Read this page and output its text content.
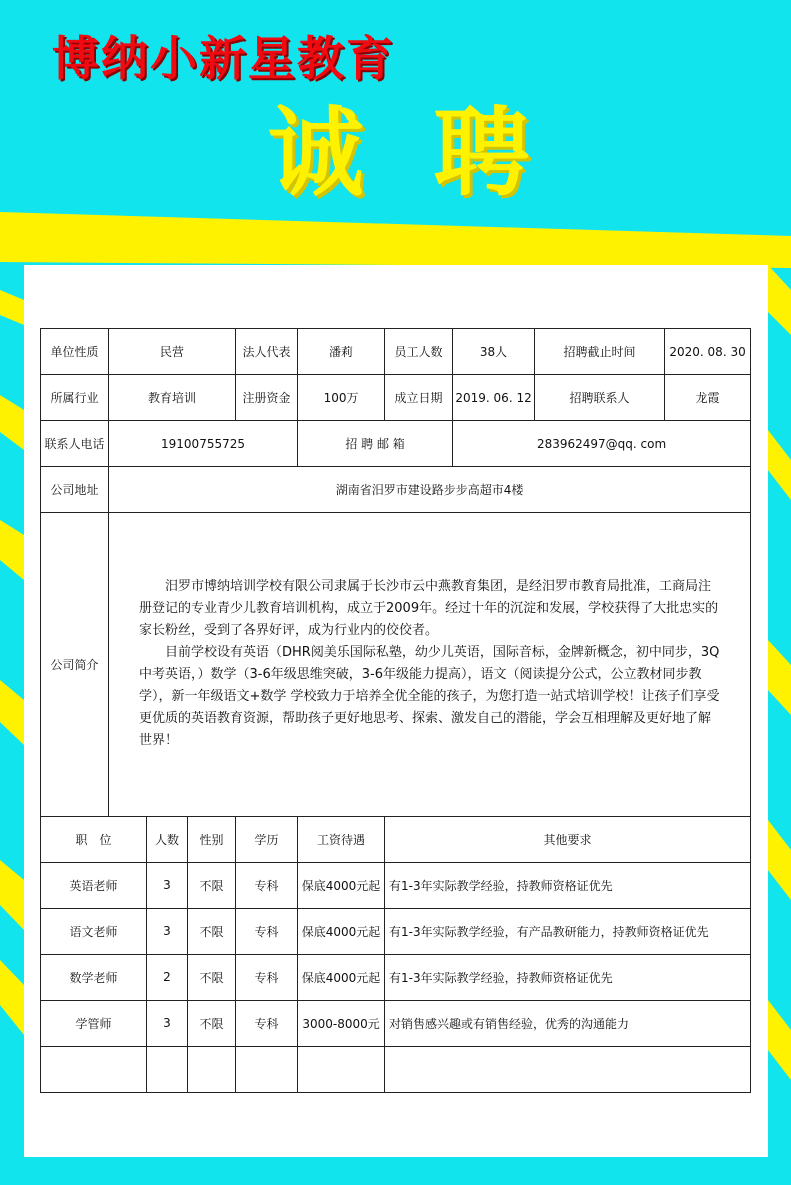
博纳小新星教育
诚 聘
单位性质	民营			法人代表	潘莉	员工人数	38人	招聘截止时间	2020. 08. 30
所属行业	教育培训			注册资金	100万	成立日期	2019. 06. 12	招聘联系人	龙霞
联系人电话	19100755725				招 聘 邮 箱		283962497@qq. com		
公司地址	湖南省汨罗市建设路步步高超市4楼								
公司简介	汨罗市博纳培训学校有限公司隶属于长沙市云中燕教育集团，是经汨罗市教育局批准，工商局注册登记的专业青少儿教育培训机构，成立于2009年。经过十年的沉淀和发展，学校获得了大批忠实的家长粉丝，受到了各界好评，成为行业内的佼佼者。

目前学校设有英语（DHR阅美乐国际私塾，幼少儿英语，国际音标，金牌新概念，初中同步，3Q中考英语，）数学（3-6年级思维突破，3-6年级能力提高），语文（阅读提分公式，公立教材同步教学），新一年级语文+数学 学校致力于培养全优全能的孩子，为您打造一站式培训学校！让孩子们享受更优质的英语教育资源，帮助孩子更好地思考、探索、激发自己的潜能，学会互相理解及更好地了解世界！								

职　位		人数	性别	学历	工资待遇	其他要求			
英语老师		3	不限	专科	保底4000元起	有1-3年实际教学经验，持教师资格证优先			
语文老师		3	不限	专科	保底4000元起	有1-3年实际教学经验，有产品教研能力，持教师资格证优先			
数学老师		2	不限	专科	保底4000元起	有1-3年实际教学经验，持教师资格证优先			
学管师		3	不限	专科	3000-8000元	对销售感兴趣或有销售经验，优秀的沟通能力			
